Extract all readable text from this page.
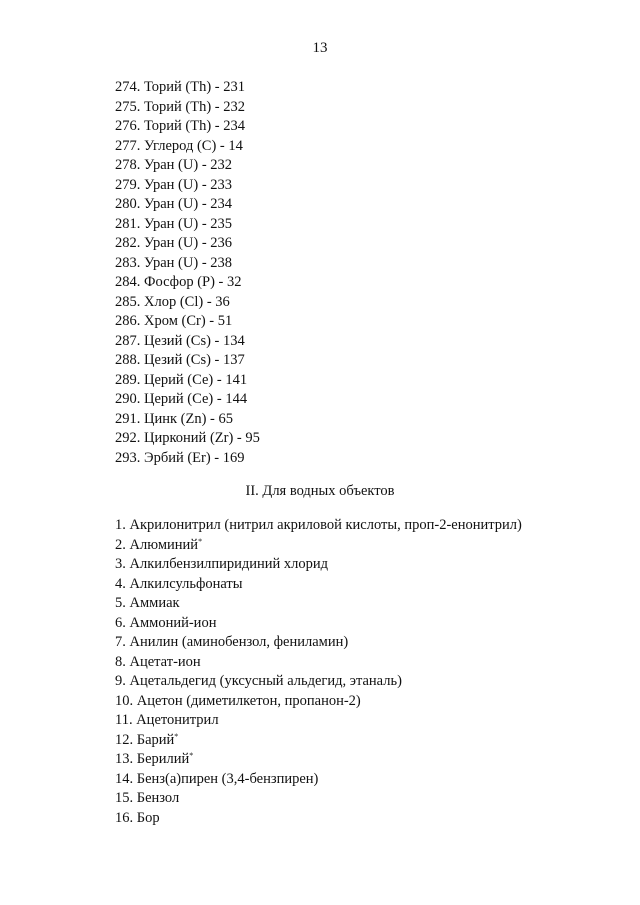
13
274. Торий (Th) - 231
275. Торий (Th) - 232
276. Торий (Th) - 234
277. Углерод (С) - 14
278. Уран (U) - 232
279. Уран (U) - 233
280. Уран (U) - 234
281. Уран (U) - 235
282. Уран (U) - 236
283. Уран (U) - 238
284. Фосфор (Р) - 32
285. Хлор (Cl) - 36
286. Хром (Cr) - 51
287. Цезий (Cs) - 134
288. Цезий (Cs) - 137
289. Церий (Се) - 141
290. Церий (Се) - 144
291. Цинк (Zn) - 65
292. Цирконий (Zr) - 95
293. Эрбий (Er) - 169
II. Для водных объектов
1. Акрилонитрил (нитрил акриловой кислоты, проп-2-енонитрил)
2. Алюминий*
3. Алкилбензилпиридиний хлорид
4. Алкилсульфонаты
5. Аммиак
6. Аммоний-ион
7. Анилин (аминобензол, фениламин)
8. Ацетат-ион
9. Ацетальдегид (уксусный альдегид, этаналь)
10. Ацетон (диметилкетон, пропанон-2)
11. Ацетонитрил
12. Барий*
13. Берилий*
14. Бенз(а)пирен (3,4-бензпирен)
15. Бензол
16. Бор
